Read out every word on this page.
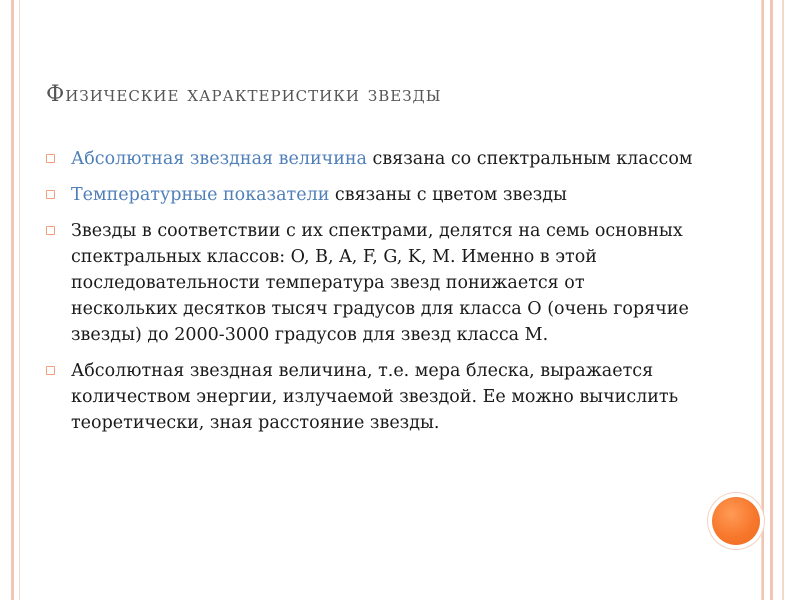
Физические характеристики звезды
Абсолютная звездная величина связана со спектральным классом
Температурные показатели связаны с цветом звезды
Звезды в соответствии с их спектрами, делятся на семь основных спектральных классов: O, B, A, F, G, K, M. Именно в этой последовательности температура звезд понижается от нескольких десятков тысяч градусов для класса O (очень горячие звезды) до 2000-3000 градусов для звезд класса M.
Абсолютная звездная величина, т.е. мера блеска, выражается количеством энергии, излучаемой звездой. Ее можно вычислить теоретически, зная расстояние звезды.
